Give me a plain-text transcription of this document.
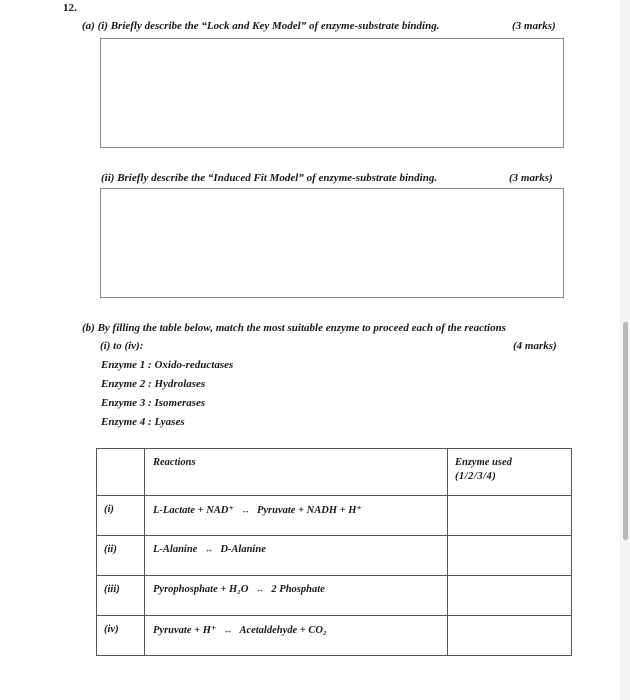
12.
(a) (i) Briefly describe the “Lock and Key Model” of enzyme-substrate binding.	(3 marks)
(ii) Briefly describe the “Induced Fit Model” of enzyme-substrate binding.	(3 marks)
(b) By filling the table below, match the most suitable enzyme to proceed each of the reactions
(i) to (iv):	(4 marks)
Enzyme 1 : Oxido-reductases
Enzyme 2 : Hydrolases
Enzyme 3 : Isomerases
Enzyme 4 : Lyases
	Reactions	Enzyme used
(1/2/3/4)

(i)	L-Lactate + NAD⁺ ↔ Pyruvate + NADH + H⁺	
(ii)	L-Alanine ↔ D-Alanine	
(iii)	Pyrophosphate + H₂O ↔ 2 Phosphate	
(iv)	Pyruvate + H⁺ ↔ Acetaldehyde + CO₂	
